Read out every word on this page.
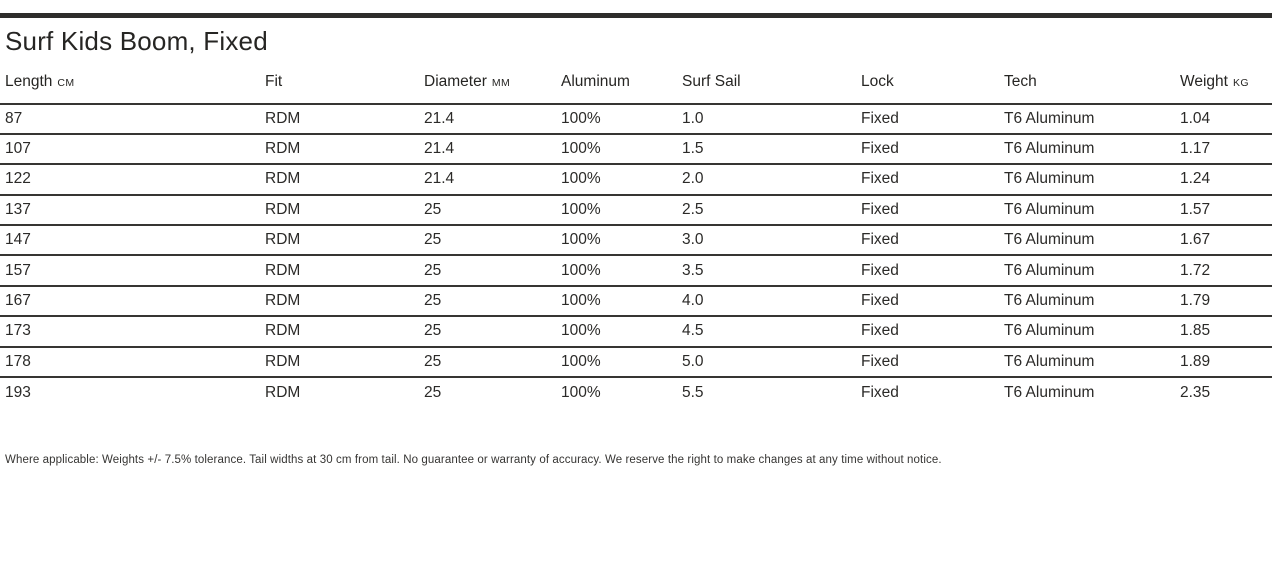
Surf Kids Boom, Fixed
Length CM	Fit	Diameter MM	Aluminum	Surf Sail	Lock	Tech	Weight KG
87	RDM	21.4	100%	1.0	Fixed	T6 Aluminum	1.04
107	RDM	21.4	100%	1.5	Fixed	T6 Aluminum	1.17
122	RDM	21.4	100%	2.0	Fixed	T6 Aluminum	1.24
137	RDM	25	100%	2.5	Fixed	T6 Aluminum	1.57
147	RDM	25	100%	3.0	Fixed	T6 Aluminum	1.67
157	RDM	25	100%	3.5	Fixed	T6 Aluminum	1.72
167	RDM	25	100%	4.0	Fixed	T6 Aluminum	1.79
173	RDM	25	100%	4.5	Fixed	T6 Aluminum	1.85
178	RDM	25	100%	5.0	Fixed	T6 Aluminum	1.89
193	RDM	25	100%	5.5	Fixed	T6 Aluminum	2.35

Where applicable: Weights +/- 7.5% tolerance. Tail widths at 30 cm from tail. No guarantee or warranty of accuracy. We reserve the right to make changes at any time without notice.
